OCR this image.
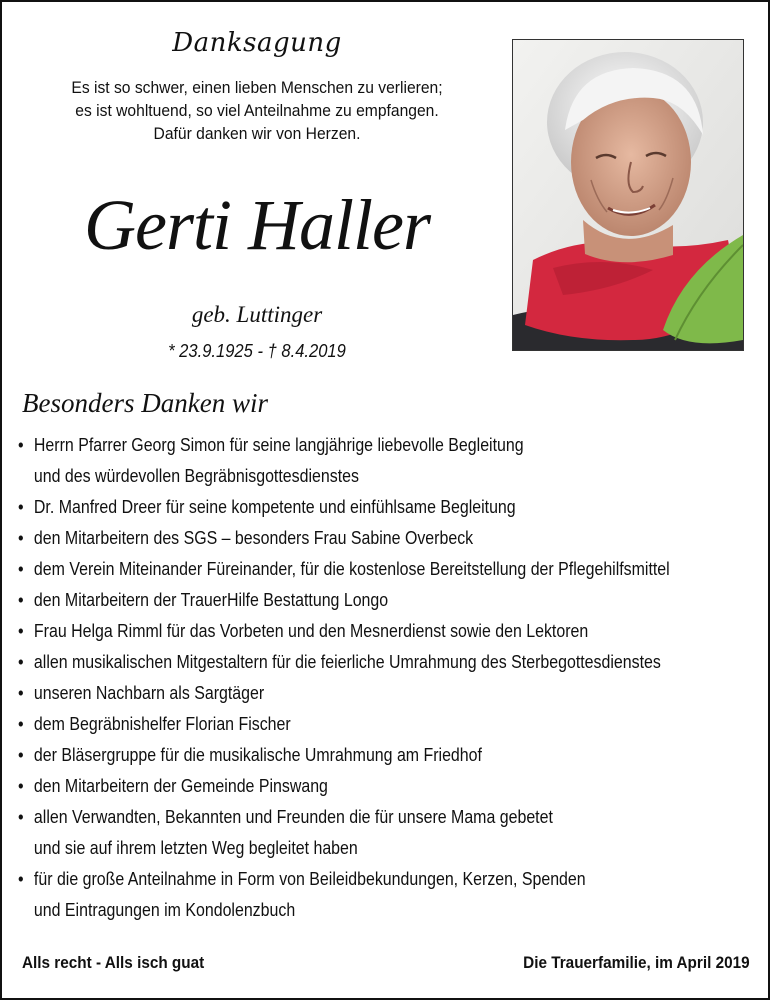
Danksagung
Es ist so schwer, einen lieben Menschen zu verlieren;
es ist wohltuend, so viel Anteilnahme zu empfangen.
Dafür danken wir von Herzen.
Gerti Haller
geb. Luttinger
* 23.9.1925 - † 8.4.2019
Besonders Danken wir
• Herrn Pfarrer Georg Simon für seine langjährige liebevolle Begleitung
und des würdevollen Begräbnisgottesdienstes
• Dr. Manfred Dreer für seine kompetente und einfühlsame Begleitung
• den Mitarbeitern des SGS – besonders Frau Sabine Overbeck
• dem Verein Miteinander Füreinander, für die kostenlose Bereitstellung der Pflegehilfsmittel
• den Mitarbeitern der TrauerHilfe Bestattung Longo
• Frau Helga Rimml für das Vorbeten und den Mesnerdienst sowie den Lektoren
• allen musikalischen Mitgestaltern für die feierliche Umrahmung des Sterbegottesdienstes
• unseren Nachbarn als Sargtäger
• dem Begräbnishelfer Florian Fischer
• der Bläsergruppe für die musikalische Umrahmung am Friedhof
• den Mitarbeitern der Gemeinde Pinswang
• allen Verwandten, Bekannten und Freunden die für unsere Mama gebetet
und sie auf ihrem letzten Weg begleitet haben
• für die große Anteilnahme in Form von Beileidbekundungen, Kerzen, Spenden
und Eintragungen im Kondolenzbuch
Alls recht - Alls isch guat	Die Trauerfamilie, im April 2019
